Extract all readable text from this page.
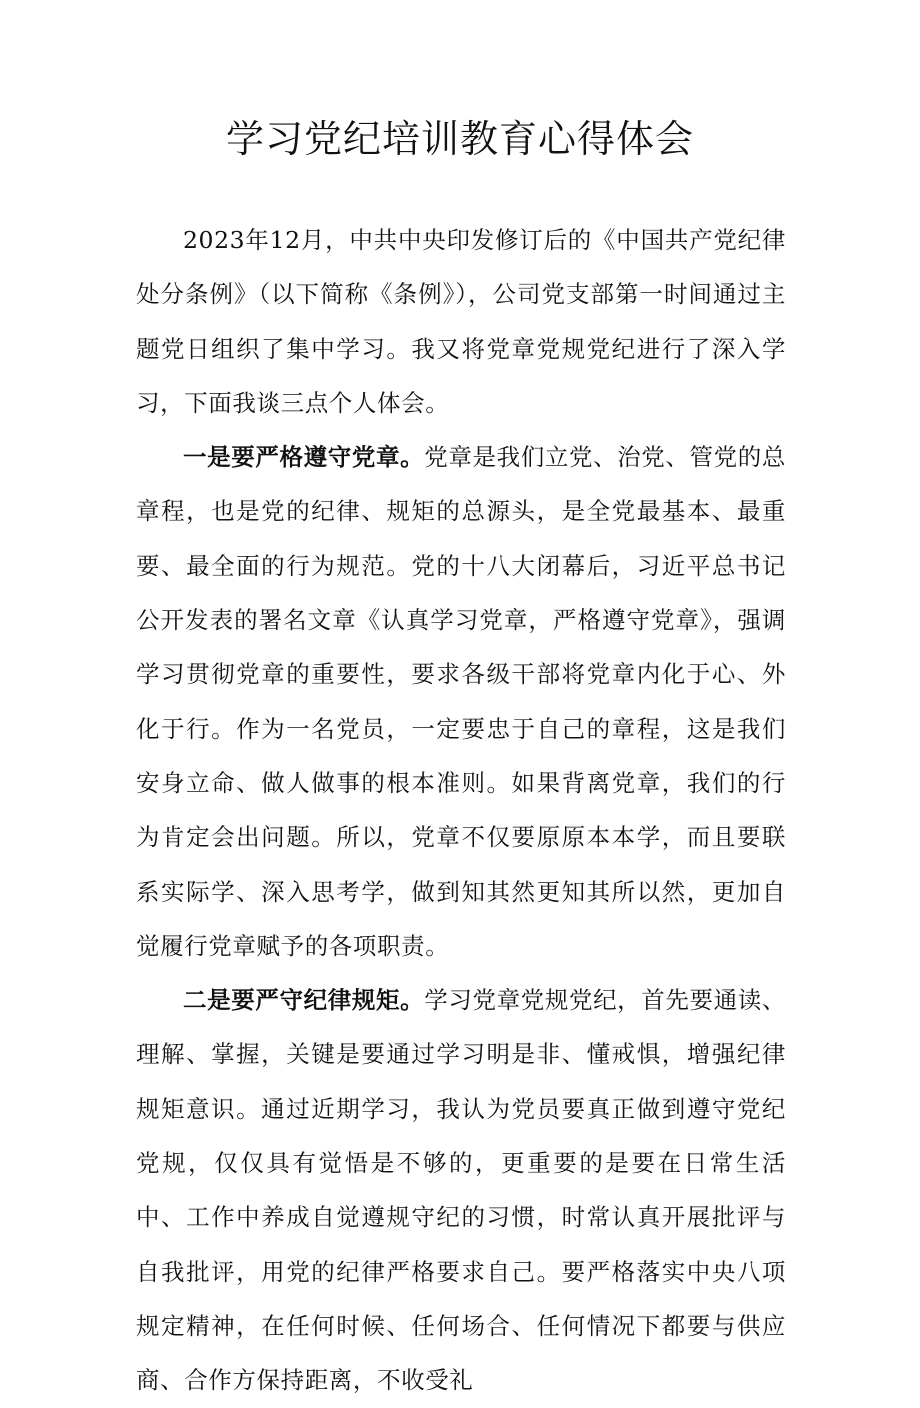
学习党纪培训教育心得体会

2023年12月，中共中央印发修订后的《中国共产党纪律处分条例》（以下简称《条例》），公司党支部第一时间通过主题党日组织了集中学习。我又将党章党规党纪进行了深入学习，下面我谈三点个人体会。

一是要严格遵守党章。党章是我们立党、治党、管党的总章程，也是党的纪律、规矩的总源头，是全党最基本、最重要、最全面的行为规范。党的十八大闭幕后，习近平总书记公开发表的署名文章《认真学习党章，严格遵守党章》，强调学习贯彻党章的重要性，要求各级干部将党章内化于心、外化于行。作为一名党员，一定要忠于自己的章程，这是我们安身立命、做人做事的根本准则。如果背离党章，我们的行为肯定会出问题。所以，党章不仅要原原本本学，而且要联系实际学、深入思考学，做到知其然更知其所以然，更加自觉履行党章赋予的各项职责。

二是要严守纪律规矩。学习党章党规党纪，首先要通读、理解、掌握，关键是要通过学习明是非、懂戒惧，增强纪律规矩意识。通过近期学习，我认为党员要真正做到遵守党纪党规，仅仅具有觉悟是不够的，更重要的是要在日常生活中、工作中养成自觉遵规守纪的习惯，时常认真开展批评与自我批评，用党的纪律严格要求自己。要严格落实中央八项规定精神，在任何时候、任何场合、任何情况下都要与供应商、合作方保持距离，不收受礼
